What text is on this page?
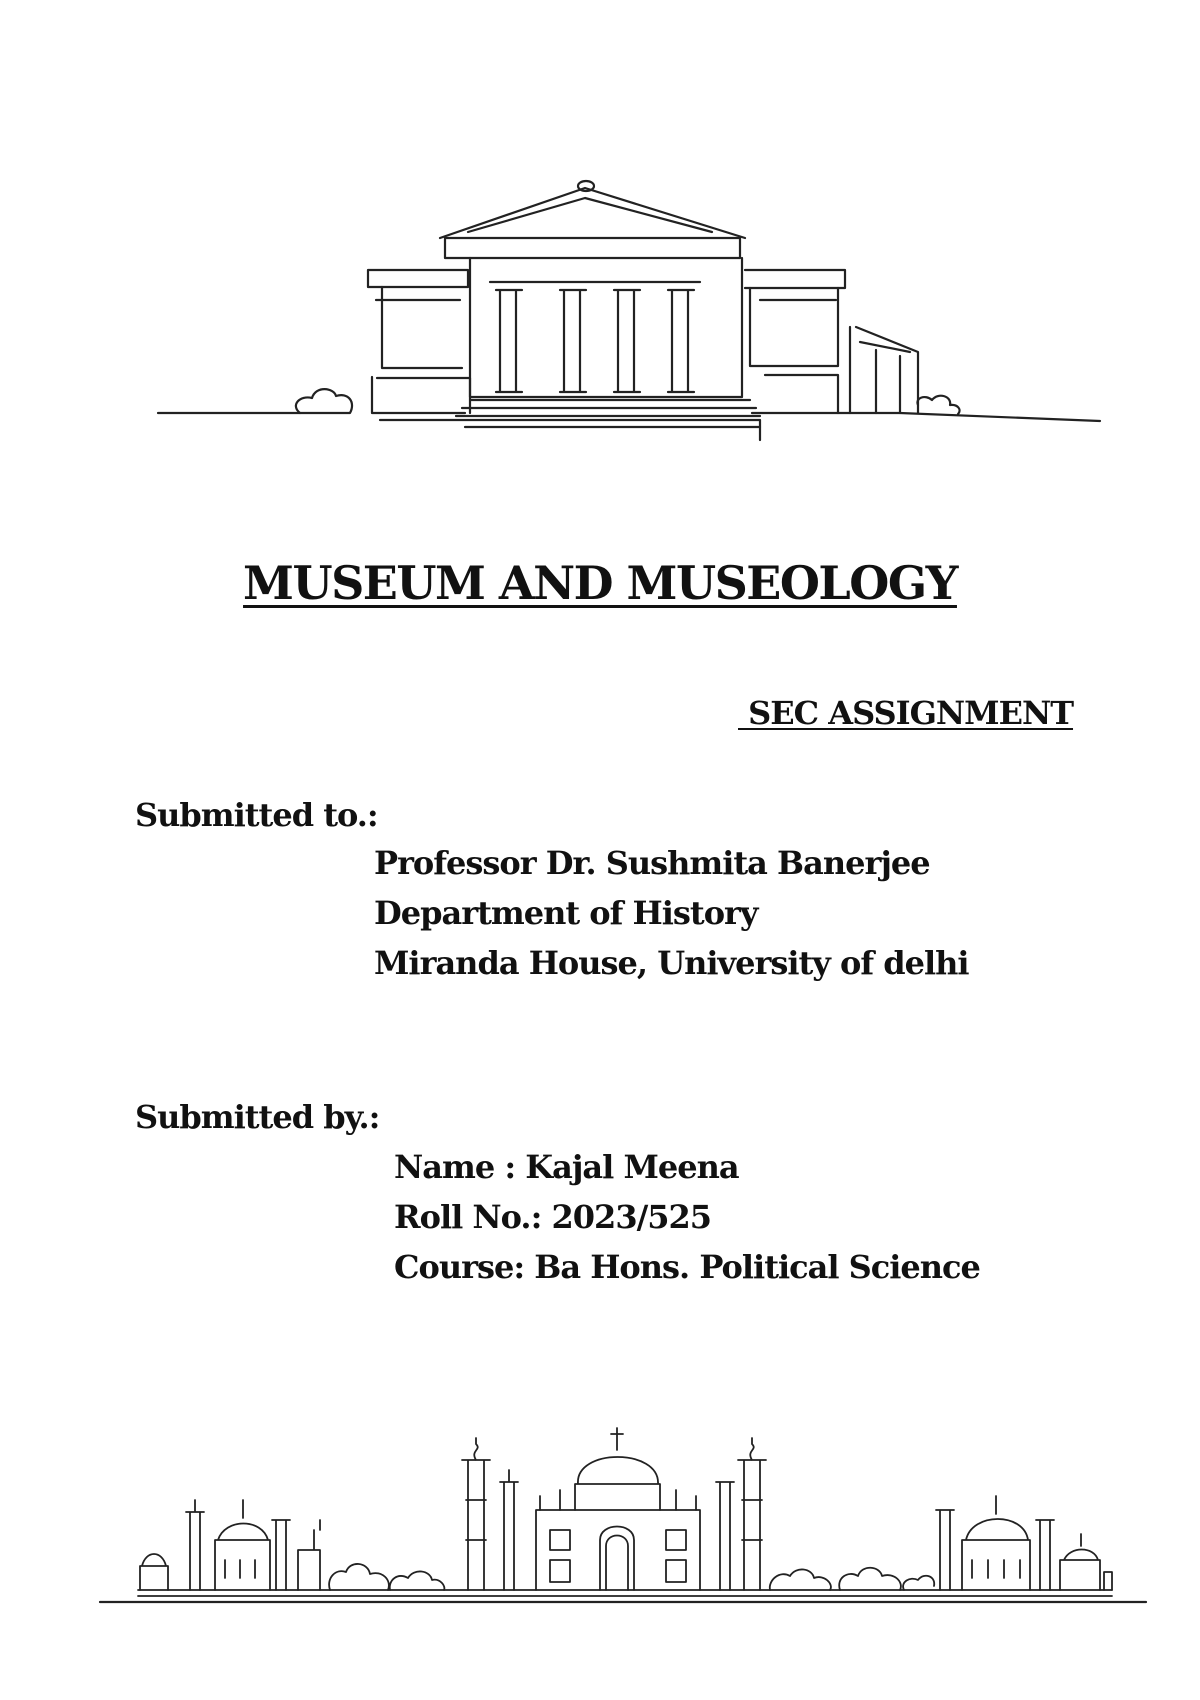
MUSEUM AND MUSEOLOGY
SEC ASSIGNMENT
Submitted to.:
Professor Dr. Sushmita Banerjee
Department of History
Miranda House, University of delhi
Submitted by.:
Name : Kajal Meena
Roll No.: 2023/525
Course: Ba Hons. Political Science
